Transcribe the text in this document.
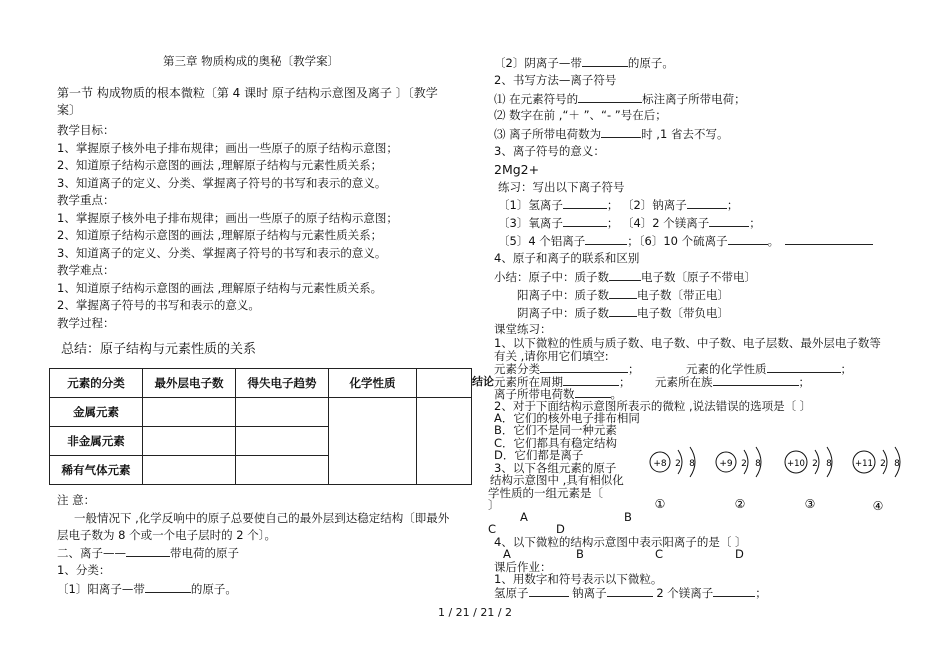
第三章 物质构成的奥秘〔教学案〕
第一节 构成物质的根本微粒〔第 4 课时 原子结构示意图及离子 〕〔教学
案〕
教学目标：
1、掌握原子核外电子排布规律；画出一些原子的原子结构示意图；
2、知道原子结构示意图的画法 ,理解原子结构与元素性质关系；
3、知道离子的定义、分类、掌握离子符号的书写和表示的意义。
教学重点：
1、掌握原子核外电子排布规律；画出一些原子的原子结构示意图；
2、知道原子结构示意图的画法 ,理解原子结构与元素性质关系；
3、知道离子的定义、分类、掌握离子符号的书写和表示的意义。
教学难点：
1、知道原子结构示意图的画法 ,理解原子结构与元素性质关系。
2、掌握离子符号的书写和表示的意义。
教学过程：
总结：原子结构与元素性质的关系
元素的分类	最外层电子数	得失电子趋势	化学性质	
金属元素				
非金属元素				
稀有气体元素				
结论
注 意：
一般情况下 ,化学反响中的原子总要使自己的最外层到达稳定结构〔即最外
层电子数为 8 个或一个电子层时的 2 个〕。
二、离子——	带电荷的原子
1、分类：
〔1〕阳离子—带	的原子。
〔2〕阴离子—带	的原子。
2、书写方法—离子符号
⑴ 在元素符号的	标注离子所带电荷；
⑵ 数字在前 ,“＋ ”、“- ”号在后；
⑶ 离子所带电荷数为	时 ,1 省去不写。
3、离子符号的意义：
2Mg2+
练习：写出以下离子符号
〔1〕氢离子	； 〔2〕钠离子	；
〔3〕氧离子	； 〔4〕2 个镁离子	；
〔5〕4 个铝离子	；〔6〕10 个硫离子	。
4、原子和离子的联系和区别
小结：原子中：质子数	电子数〔原子不带电〕
阳离子中：质子数 电子数〔带正电〕
阴离子中：质子数 电子数〔带负电〕
课堂练习：
1、以下微粒的性质与质子数、电子数、中子数、电子层数、最外层电子数等
有关 ,请你用它们填空:
元素分类	；	元素的化学性质	；
元素所在周期	； 元素所在族	；
离子所带电荷数	。
2、对于下面结构示意图所表示的微粒 ,说法错误的选项是〔 〕
A．它们的核外电子排布相同
B．它们不是同一种元素
C．它们都具有稳定结构
D．它们都是离子
3、以下各组元素的原子
结构示意图中 ,具有相似化
学性质的一组元素是〔
〕
A	B
C	D
4、以下微粒的结构示意图中表示阳离子的是〔 〕
A	B	C	D
课后作业：
1、用数字和符号表示以下微粒。
氢原子	钠离子	2 个镁离子	；
+8 2 8
①
+9 2 8
②
+10 2 8
③
+11 2 8
④
1 / 21 / 21 / 2
